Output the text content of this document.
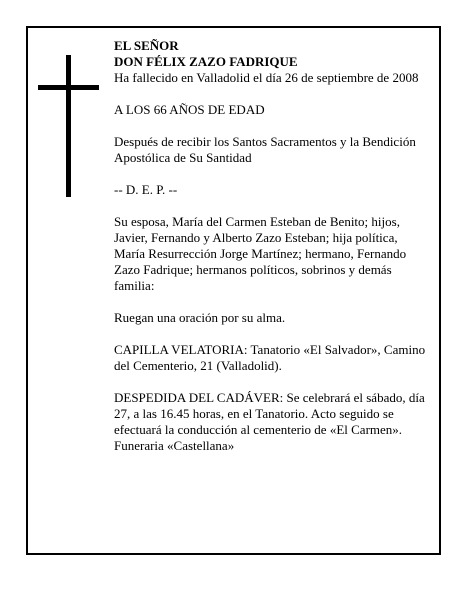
EL SEÑOR

DON FÉLIX ZAZO FADRIQUE

Ha fallecido en Valladolid el día 26 de septiembre de 2008

A LOS 66 AÑOS DE EDAD

Después de recibir los Santos Sacramentos y la Bendición Apostólica de Su Santidad

-- D. E. P. --

Su esposa, María del Carmen Esteban de Benito; hijos, Javier, Fernando y Alberto Zazo Esteban; hija política, María Resurrección Jorge Martínez; hermano, Fernando Zazo Fadrique; hermanos políticos, sobrinos y demás familia:

Ruegan una oración por su alma.

CAPILLA VELATORIA: Tanatorio «El Salvador», Camino del Cementerio, 21 (Valladolid).

DESPEDIDA DEL CADÁVER: Se celebrará el sábado, día 27, a las 16.45 horas, en el Tanatorio. Acto seguido se efectuará la conducción al cementerio de «El Carmen».

Funeraria «Castellana»
